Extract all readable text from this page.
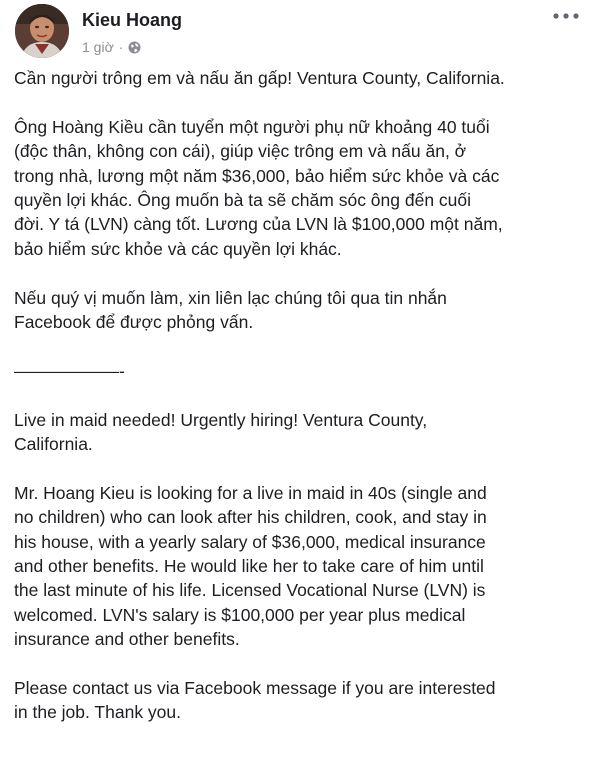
Kieu Hoang
1 giờ ·

Cần người trông em và nấu ăn gấp! Ventura County, California.

Ông Hoàng Kiều cần tuyển một người phụ nữ khoảng 40 tuổi
(độc thân, không con cái), giúp việc trông em và nấu ăn, ở
trong nhà, lương một năm $36,000, bảo hiểm sức khỏe và các
quyền lợi khác. Ông muốn bà ta sẽ chăm sóc ông đến cuối
đời. Y tá (LVN) càng tốt. Lương của LVN là $100,000 một năm,
bảo hiểm sức khỏe và các quyền lợi khác.

Nếu quý vị muốn làm, xin liên lạc chúng tôi qua tin nhắn
Facebook để được phỏng vấn.

——————-

Live in maid needed! Urgently hiring! Ventura County,
California.

Mr. Hoang Kieu is looking for a live in maid in 40s (single and
no children) who can look after his children, cook, and stay in
his house, with a yearly salary of $36,000, medical insurance
and other benefits. He would like her to take care of him until
the last minute of his life. Licensed Vocational Nurse (LVN) is
welcomed. LVN's salary is $100,000 per year plus medical
insurance and other benefits.

Please contact us via Facebook message if you are interested
in the job. Thank you.
